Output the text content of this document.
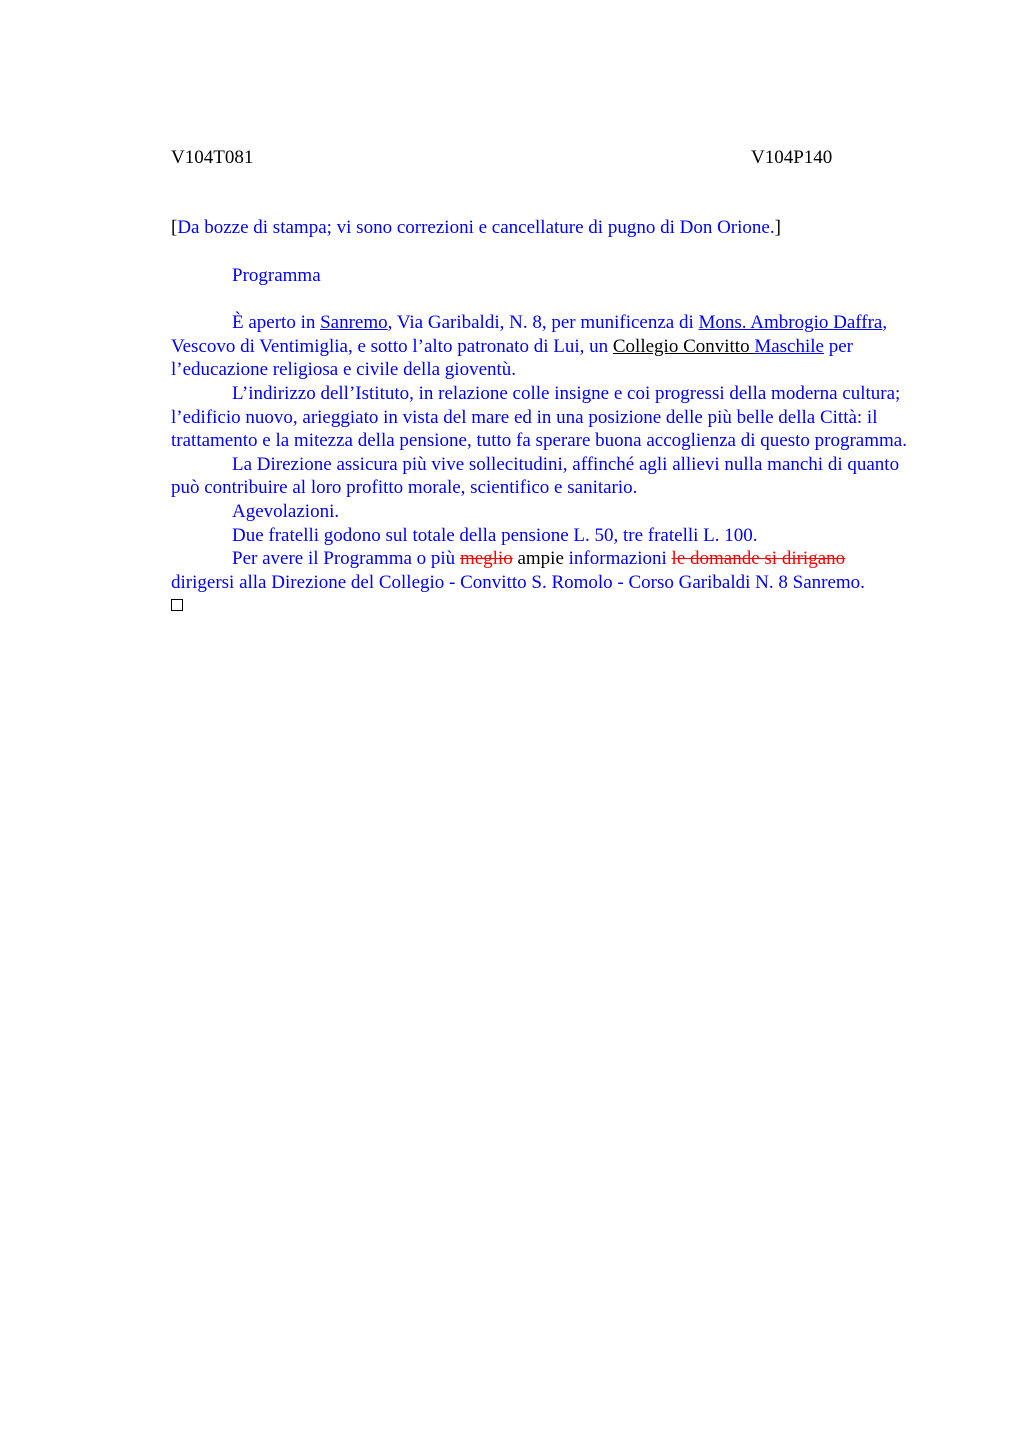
V104T081	V104P140
[Da bozze di stampa; vi sono correzioni e cancellature di pugno di Don Orione.]
Programma

È aperto in Sanremo, Via Garibaldi, N. 8, per munificenza di Mons. Ambrogio Daffra, Vescovo di Ventimiglia, e sotto l’alto patronato di Lui, un Collegio Convitto Maschile per l’educazione religiosa e civile della gioventù.

L’indirizzo dell’Istituto, in relazione colle insigne e coi progressi della moderna cultura; l’edificio nuovo, arieggiato in vista del mare ed in una posizione delle più belle della Città: il trattamento e la mitezza della pensione, tutto fa sperare buona accoglienza di questo programma.

La Direzione assicura più vive sollecitudini, affinché agli allievi nulla manchi di quanto può contribuire al loro profitto morale, scientifico e sanitario.

Agevolazioni.

Due fratelli godono sul totale della pensione L. 50, tre fratelli L. 100.

Per avere il Programma o più meglio ampie informazioni le domande si dirigano
dirigersi alla Direzione del Collegio - Convitto S. Romolo - Corso Garibaldi N. 8 Sanremo.
